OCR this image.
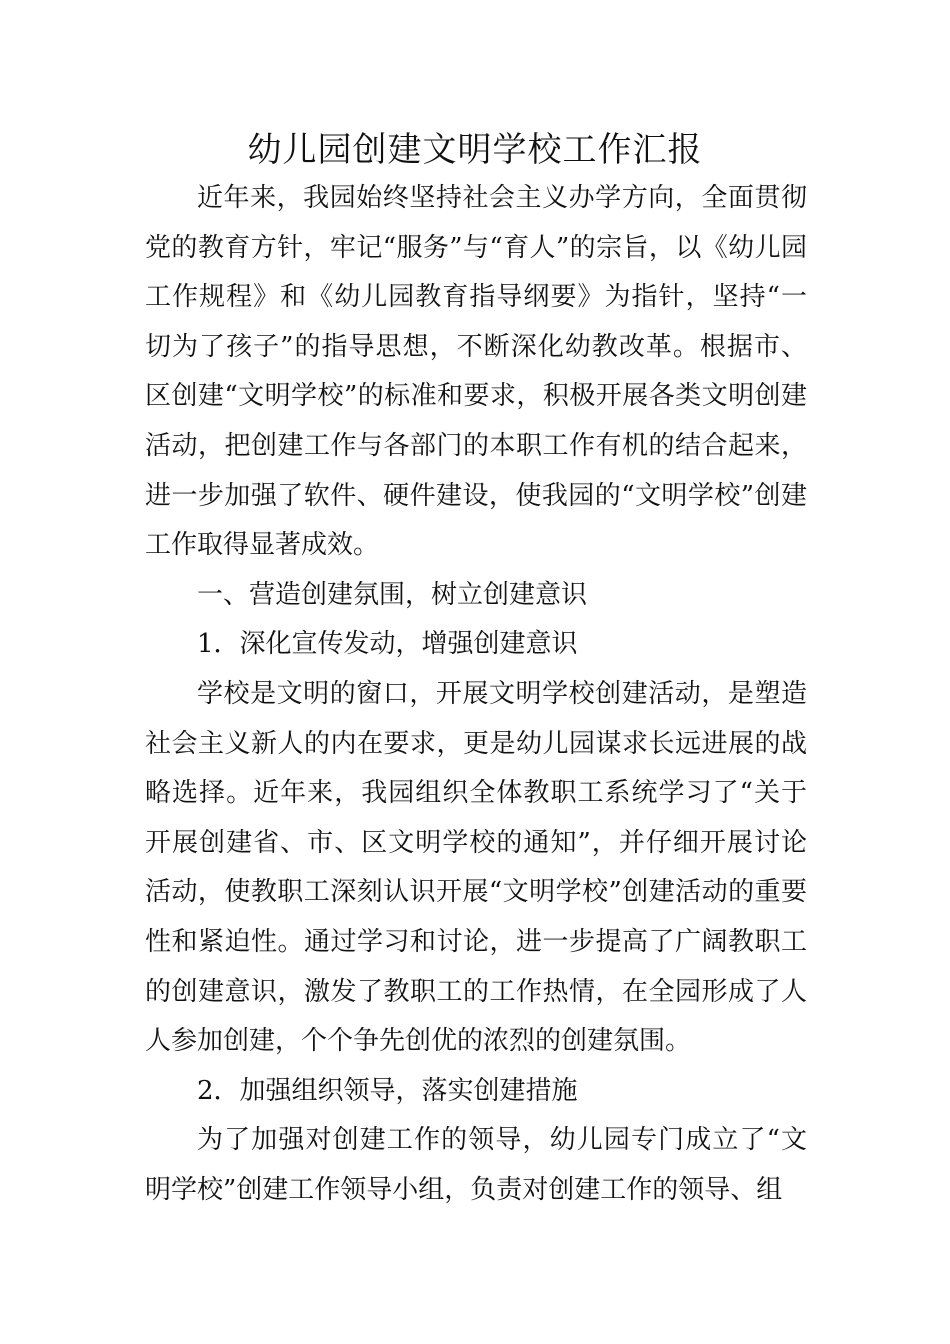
幼儿园创建文明学校工作汇报

近年来，我园始终坚持社会主义办学方向，全面贯彻党的教育方针，牢记“服务”与“育人”的宗旨，以《幼儿园工作规程》和《幼儿园教育指导纲要》为指针，坚持“一切为了孩子”的指导思想，不断深化幼教改革。根据市、区创建“文明学校”的标准和要求，积极开展各类文明创建活动，把创建工作与各部门的本职工作有机的结合起来，进一步加强了软件、硬件建设，使我园的“文明学校”创建工作取得显著成效。

一、营造创建氛围，树立创建意识

1．深化宣传发动，增强创建意识

学校是文明的窗口，开展文明学校创建活动，是塑造社会主义新人的内在要求，更是幼儿园谋求长远进展的战略选择。近年来，我园组织全体教职工系统学习了“关于开展创建省、市、区文明学校的通知”，并仔细开展讨论活动，使教职工深刻认识开展“文明学校”创建活动的重要性和紧迫性。通过学习和讨论，进一步提高了广阔教职工的创建意识，激发了教职工的工作热情，在全园形成了人人参加创建，个个争先创优的浓烈的创建氛围。

2．加强组织领导，落实创建措施

为了加强对创建工作的领导，幼儿园专门成立了“文明学校”创建工作领导小组，负责对创建工作的领导、组
